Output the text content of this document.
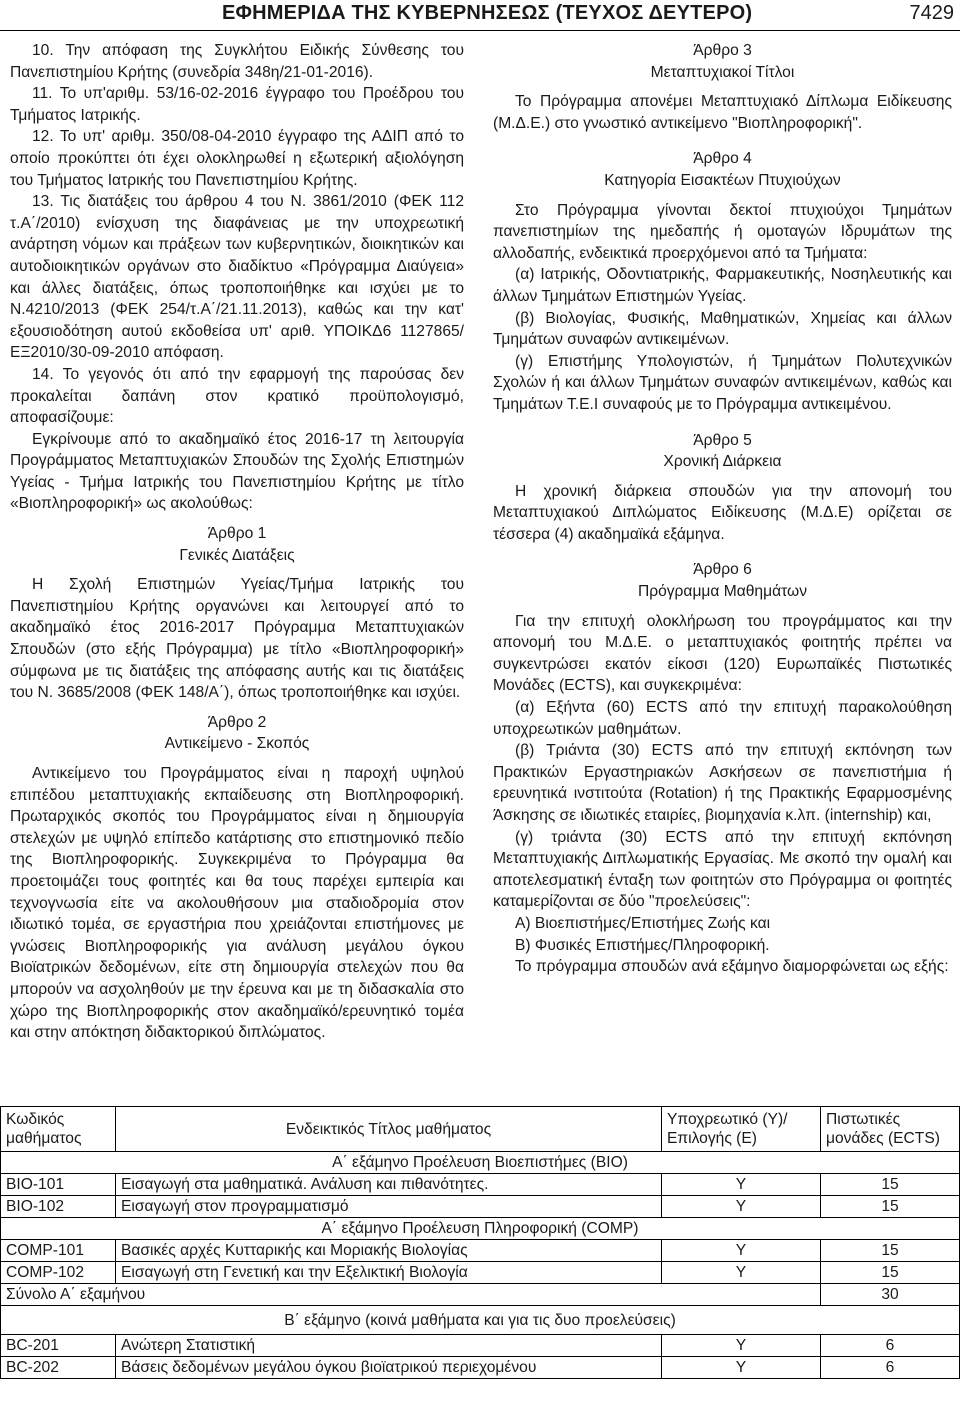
ΕΦΗΜΕΡΙΔΑ ΤΗΣ ΚΥΒΕΡΝΗΣΕΩΣ (ΤΕΥΧΟΣ ΔΕΥΤΕΡΟ)	7429

10. Την απόφαση της Συγκλήτου Ειδικής Σύνθεσης του Πανεπιστημίου Κρήτης (συνεδρία 348η/21-01-2016).

11. Το υπ'αριθμ. 53/16-02-2016 έγγραφο του Προέδρου του Τμήματος Ιατρικής.

12. Το υπ' αριθμ. 350/08-04-2010 έγγραφο της ΑΔΙΠ από το οποίο προκύπτει ότι έχει ολοκληρωθεί η εξωτερική αξιολόγηση του Τμήματος Ιατρικής του Πανεπιστημίου Κρήτης.

13. Τις διατάξεις του άρθρου 4 του Ν. 3861/2010 (ΦΕΚ 112 τ.Α΄/2010) ενίσχυση της διαφάνειας με την υποχρεωτική ανάρτηση νόμων και πράξεων των κυβερνητικών, διοικητικών και αυτοδιοικητικών οργάνων στο διαδίκτυο «Πρόγραμμα Διαύγεια» και άλλες διατάξεις, όπως τροποποιήθηκε και ισχύει με το Ν.4210/2013 (ΦΕΚ 254/τ.Α΄/21.11.2013), καθώς και την κατ' εξουσιοδότηση αυτού εκδοθείσα υπ' αριθ. ΥΠΟΙΚΔ6 1127865/ΕΞ2010/30-09-2010 απόφαση.

14. Το γεγονός ότι από την εφαρμογή της παρούσας δεν προκαλείται δαπάνη στον κρατικό προϋπολογισμό, αποφασίζουμε:

Εγκρίνουμε από το ακαδημαϊκό έτος 2016-17 τη λειτουργία Προγράμματος Μεταπτυχιακών Σπουδών της Σχολής Επιστημών Υγείας - Τμήμα Ιατρικής του Πανεπιστημίου Κρήτης με τίτλο «Βιοπληροφορική» ως ακολούθως:

Άρθρο 1

Γενικές Διατάξεις

Η Σχολή Επιστημών Υγείας/Τμήμα Ιατρικής του Πανεπιστημίου Κρήτης οργανώνει και λειτουργεί από το ακαδημαϊκό έτος 2016-2017 Πρόγραμμα Μεταπτυχιακών Σπουδών (στο εξής Πρόγραμμα) με τίτλο «Βιοπληροφορική» σύμφωνα με τις διατάξεις της απόφασης αυτής και τις διατάξεις του Ν. 3685/2008 (ΦΕΚ 148/Α΄), όπως τροποποιήθηκε και ισχύει.

Άρθρο 2

Αντικείμενο - Σκοπός

Αντικείμενο του Προγράμματος είναι η παροχή υψηλού επιπέδου μεταπτυχιακής εκπαίδευσης στη Βιοπληροφορική. Πρωταρχικός σκοπός του Προγράμματος είναι η δημιουργία στελεχών με υψηλό επίπεδο κατάρτισης στο επιστημονικό πεδίο της Βιοπληροφορικής. Συγκεκριμένα το Πρόγραμμα θα προετοιμάζει τους φοιτητές και θα τους παρέχει εμπειρία και τεχνογνωσία είτε να ακολουθήσουν μια σταδιοδρομία στον ιδιωτικό τομέα, σε εργαστήρια που χρειάζονται επιστήμονες με γνώσεις Βιοπληροφορικής για ανάλυση μεγάλου όγκου Βιοϊατρικών δεδομένων, είτε στη δημιουργία στελεχών που θα μπορούν να ασχοληθούν με την έρευνα και με τη διδασκαλία στο χώρο της Βιοπληροφορικής στον ακαδημαϊκό/ερευνητικό τομέα και στην απόκτηση διδακτορικού διπλώματος.

Άρθρο 3

Μεταπτυχιακοί Τίτλοι

Το Πρόγραμμα απονέμει Μεταπτυχιακό Δίπλωμα Ειδίκευσης (Μ.Δ.Ε.) στο γνωστικό αντικείμενο "Βιοπληροφορική".

Άρθρο 4

Κατηγορία Εισακτέων Πτυχιούχων

Στο Πρόγραμμα γίνονται δεκτοί πτυχιούχοι Τμημάτων πανεπιστημίων της ημεδαπής ή ομοταγών Ιδρυμάτων της αλλοδαπής, ενδεικτικά προερχόμενοι από τα Τμήματα:

(α) Ιατρικής, Οδοντιατρικής, Φαρμακευτικής, Νοσηλευτικής και άλλων Τμημάτων Επιστημών Υγείας.

(β) Βιολογίας, Φυσικής, Μαθηματικών, Χημείας και άλλων Τμημάτων συναφών αντικειμένων.

(γ) Επιστήμης Υπολογιστών, ή Τμημάτων Πολυτεχνικών Σχολών ή και άλλων Τμημάτων συναφών αντικειμένων, καθώς και Τμημάτων Τ.Ε.Ι συναφούς με το Πρόγραμμα αντικειμένου.

Άρθρο 5

Χρονική Διάρκεια

Η χρονική διάρκεια σπουδών για την απονομή του Μεταπτυχιακού Διπλώματος Ειδίκευσης (Μ.Δ.Ε) ορίζεται σε τέσσερα (4) ακαδημαϊκά εξάμηνα.

Άρθρο 6

Πρόγραμμα Μαθημάτων

Για την επιτυχή ολοκλήρωση του προγράμματος και την απονομή του Μ.Δ.Ε. ο μεταπτυχιακός φοιτητής πρέπει να συγκεντρώσει εκατόν είκοσι (120) Ευρωπαϊκές Πιστωτικές Μονάδες (ECTS), και συγκεκριμένα:

(α) Εξήντα (60) ECTS από την επιτυχή παρακολούθηση υποχρεωτικών μαθημάτων.

(β) Τριάντα (30) ECTS από την επιτυχή εκπόνηση των Πρακτικών Εργαστηριακών Ασκήσεων σε πανεπιστήμια ή ερευνητικά ινστιτούτα (Rotation) ή της Πρακτικής Εφαρμοσμένης Άσκησης σε ιδιωτικές εταιρίες, βιομηχανία κ.λπ. (internship) και,

(γ) τριάντα (30) ECTS από την επιτυχή εκπόνηση Μεταπτυχιακής Διπλωματικής Εργασίας. Με σκοπό την ομαλή και αποτελεσματική ένταξη των φοιτητών στο Πρόγραμμα οι φοιτητές καταμερίζονται σε δύο "προελεύσεις":

Α) Βιοεπιστήμες/Επιστήμες Ζωής και

Β) Φυσικές Επιστήμες/Πληροφορική.

Το πρόγραμμα σπουδών ανά εξάμηνο διαμορφώνεται ως εξής:

Κωδικός μαθήματος	Ενδεικτικός Τίτλος μαθήματος	Υποχρεωτικό (Υ)/ Επιλογής (Ε)	Πιστωτικές μονάδες (ECTS)
Α΄ εξάμηνο Προέλευση Βιοεπιστήμες (BIO)			
BIO-101	Εισαγωγή στα μαθηματικά. Ανάλυση και πιθανότητες.	Υ	15
BIO-102	Εισαγωγή στον προγραμματισμό	Υ	15
Α΄ εξάμηνο Προέλευση Πληροφορική (COMP)			
COMP-101	Βασικές αρχές Κυτταρικής και Μοριακής Βιολογίας	Υ	15
COMP-102	Εισαγωγή στη Γενετική και την Εξελικτική Βιολογία	Υ	15
Σύνολο Α΄ εξαμήνου			30
Β΄ εξάμηνο (κοινά μαθήματα και για τις δυο προελεύσεις)			
BC-201	Ανώτερη Στατιστική	Υ	6
BC-202	Βάσεις δεδομένων μεγάλου όγκου βιοϊατρικού περιεχομένου	Υ	6
